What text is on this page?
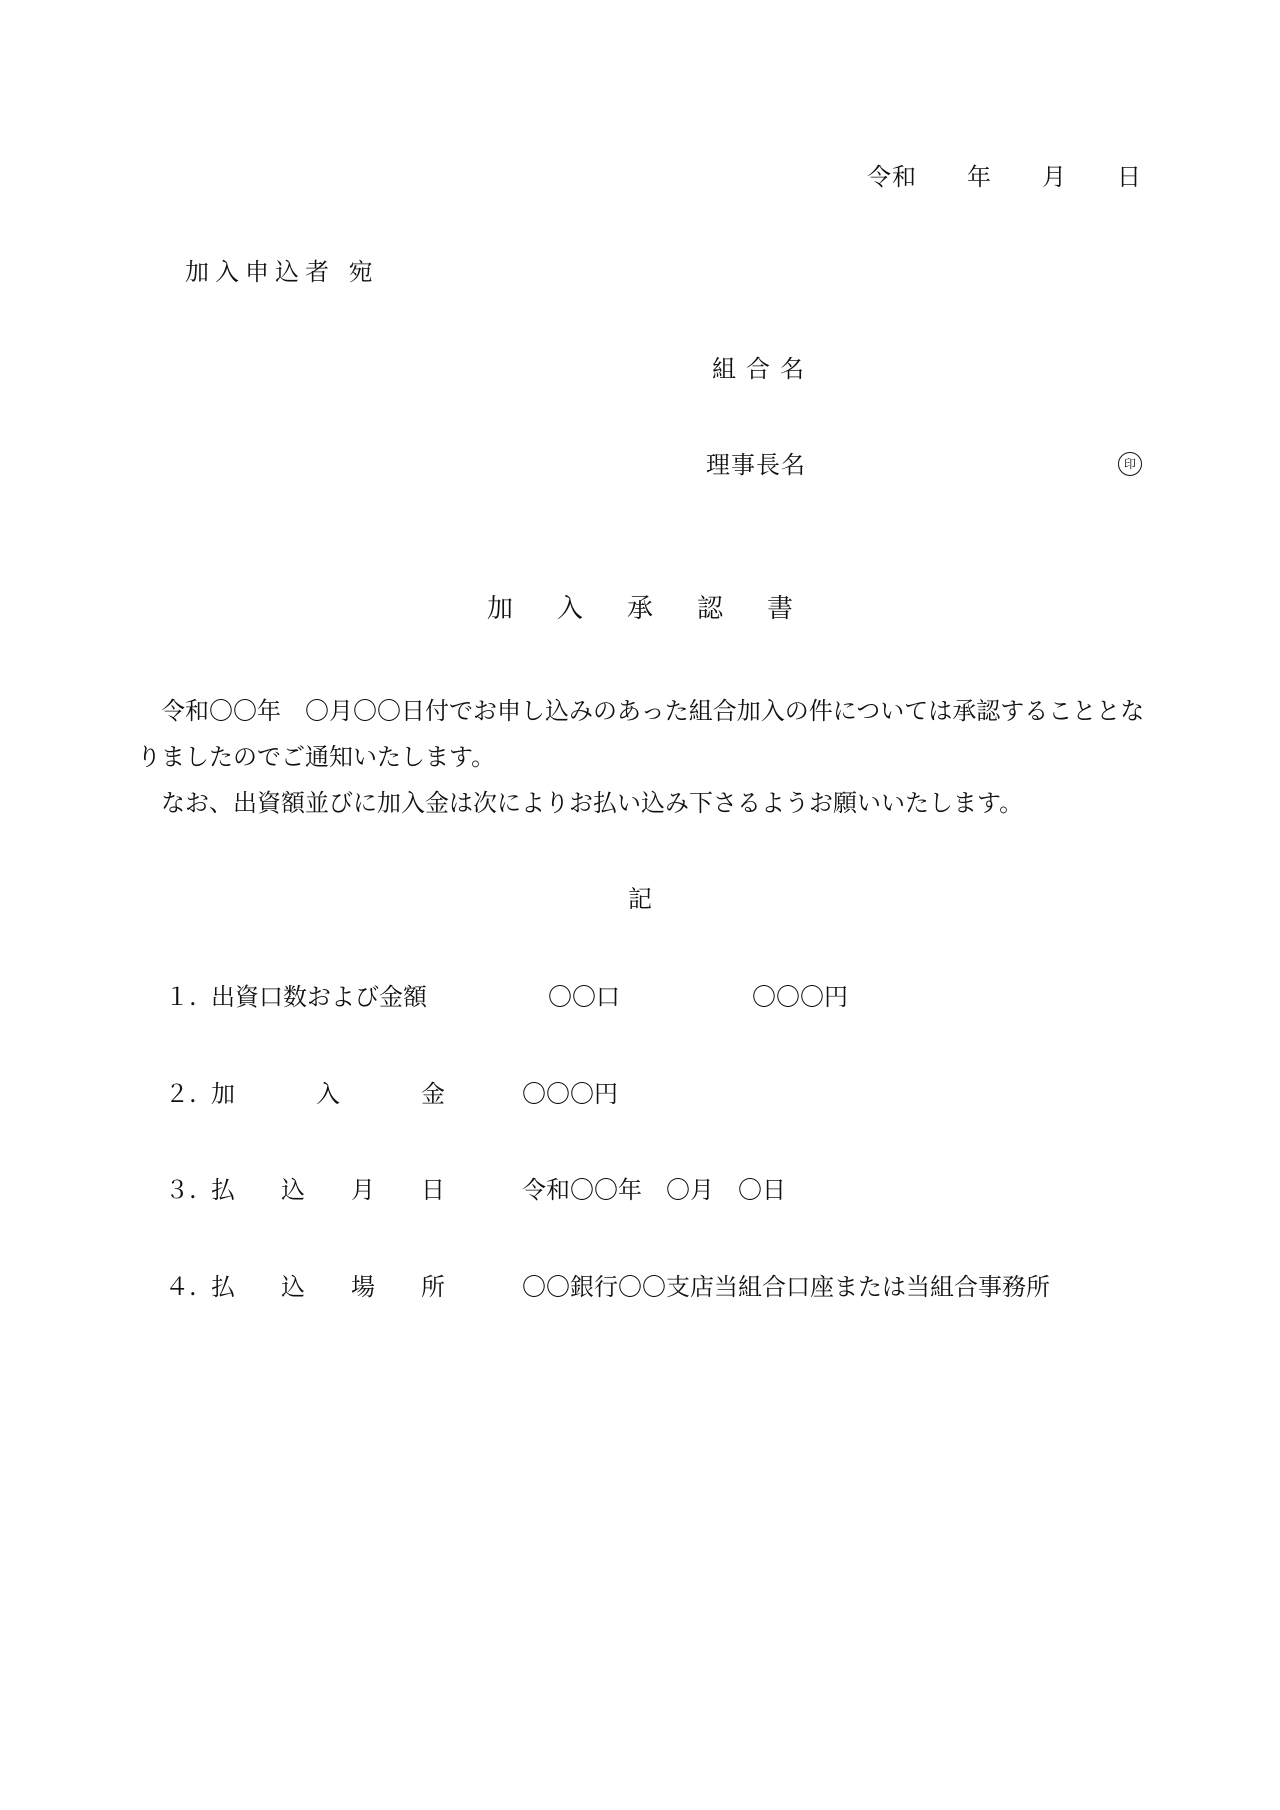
令和　　年　　月　　日
加入申込者 宛
組合名
理事長名	印
加入承認書

　令和〇〇年　〇月〇〇日付でお申し込みのあった組合加入の件については承認することとなりましたのでご通知いたします。

　なお、出資額並びに加入金は次によりお払い込み下さるようお願いいたします。

記
１. 出資口数および金額	〇〇口	〇〇〇円
２. 加	入	金	〇〇〇円
３. 払 込 月 日	令和〇〇年　〇月　〇日
４. 払 込 場 所	〇〇銀行〇〇支店当組合口座または当組合事務所
